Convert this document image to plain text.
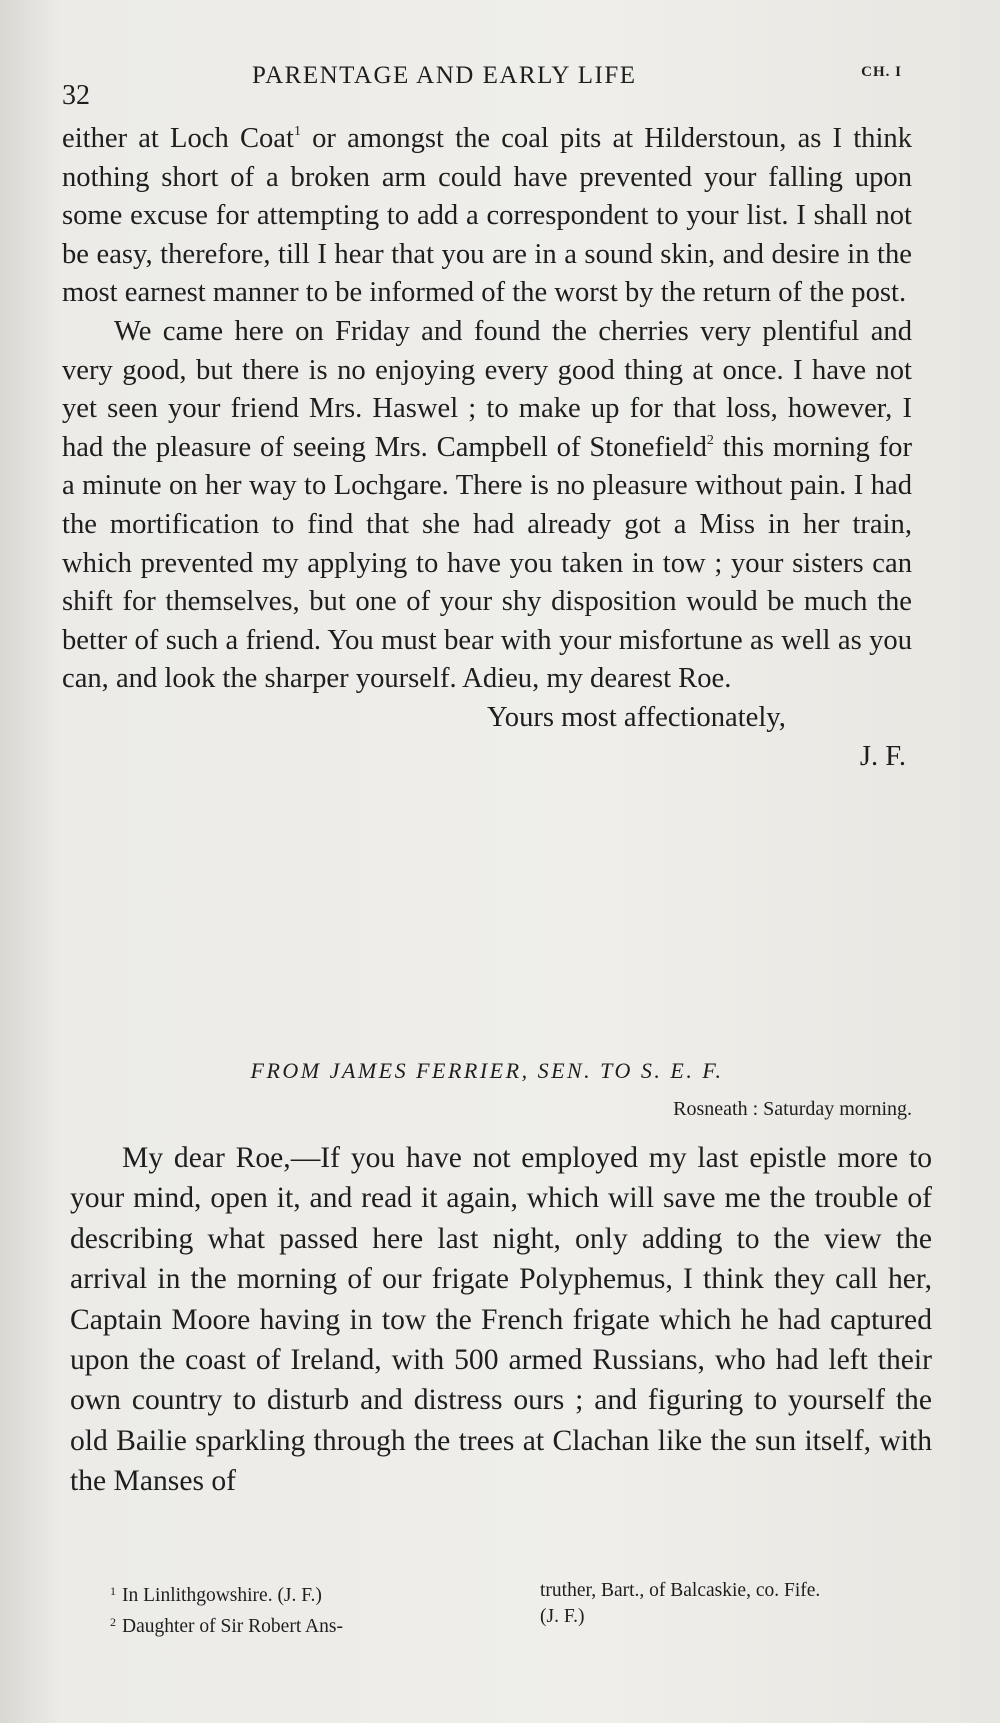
32
PARENTAGE AND EARLY LIFE	CH. I

either at Loch Coat$^1$ or amongst the coal pits at Hilderstoun, as I think nothing short of a broken arm could have prevented your falling upon some excuse for attempting to add a correspondent to your list. I shall not be easy, therefore, till I hear that you are in a sound skin, and desire in the most earnest manner to be informed of the worst by the return of the post.

We came here on Friday and found the cherries very plentiful and very good, but there is no enjoying every good thing at once. I have not yet seen your friend Mrs. Haswel ; to make up for that loss, however, I had the pleasure of seeing Mrs. Campbell of Stonefield$^2$ this morning for a minute on her way to Lochgare. There is no pleasure without pain. I had the mortification to find that she had already got a Miss in her train, which prevented my applying to have you taken in tow ; your sisters can shift for themselves, but one of your shy disposition would be much the better of such a friend. You must bear with your misfortune as well as you can, and look the sharper yourself. Adieu, my dearest Roe.

Yours most affectionately,
J. F.
FROM JAMES FERRIER, SEN. TO S. E. F.
Rosneath : Saturday morning.

My dear Roe,—If you have not employed my last epistle more to your mind, open it, and read it again, which will save me the trouble of describing what passed here last night, only adding to the view the arrival in the morning of our frigate Polyphemus, I think they call her, Captain Moore having in tow the French frigate which he had captured upon the coast of Ireland, with 500 armed Russians, who had left their own country to disturb and distress ours ; and figuring to yourself the old Bailie sparkling through the trees at Clachan like the sun itself, with the Manses of

$^1$ In Linlithgowshire. (J. F.)
$^2$ Daughter of Sir Robert Ans-
truther, Bart., of Balcaskie, co. Fife.
(J. F.)
